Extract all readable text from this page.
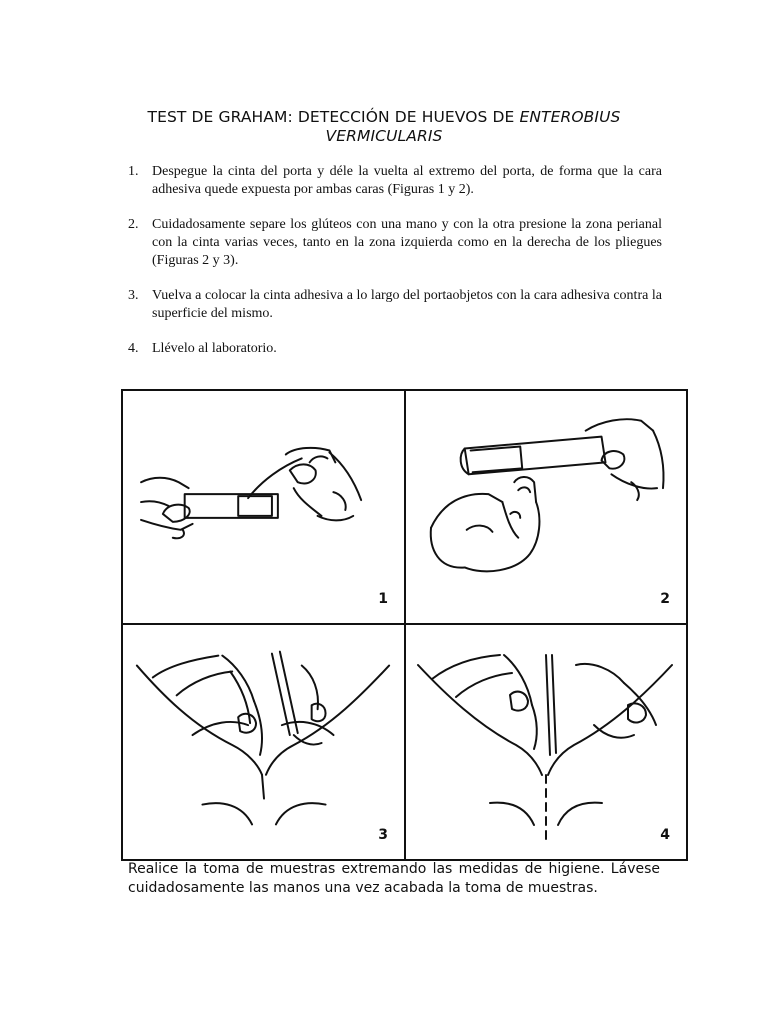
TEST DE GRAHAM: DETECCIÓN DE HUEVOS DE ENTEROBIUS
VERMICULARIS
1. Despegue la cinta del porta y déle la vuelta al extremo del porta, de forma que la cara adhesiva quede expuesta por ambas caras (Figuras 1 y 2).
2. Cuidadosamente separe los glúteos con una mano y con la otra presione la zona perianal con la cinta varias veces, tanto en la zona izquierda como en la derecha de los pliegues (Figuras 2 y 3).
3. Vuelva a colocar la cinta adhesiva a lo largo del portaobjetos con la cara adhesiva contra la superficie del mismo.
4. Llévelo al laboratorio.
1	2
3	4
Realice la toma de muestras extremando las medidas de higiene. Lávese cuidadosamente las manos una vez acabada la toma de muestras.
